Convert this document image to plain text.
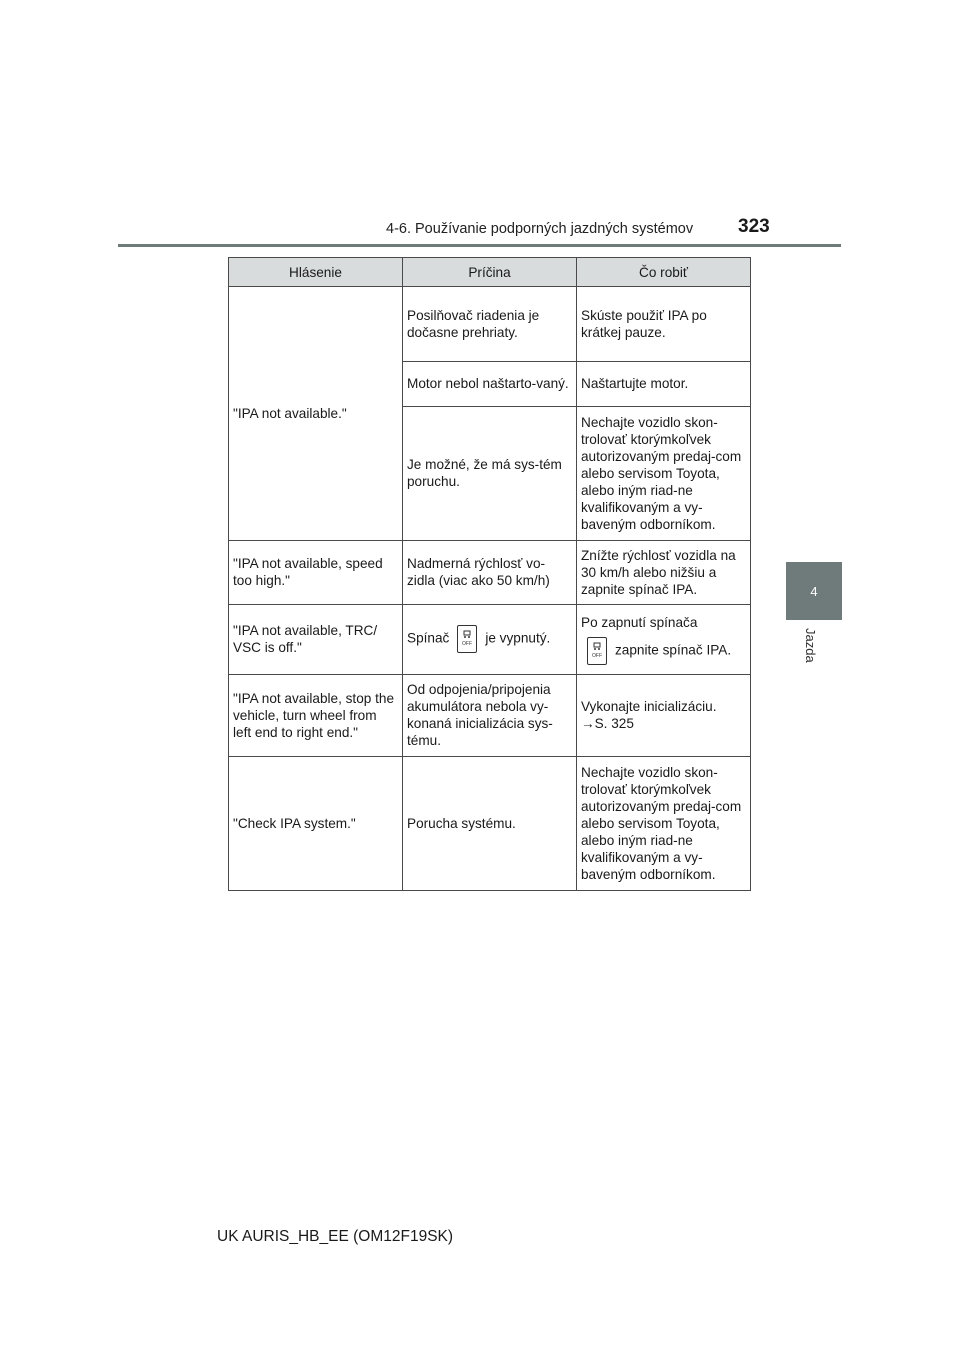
4-6. Používanie podporných jazdných systémov 323
4
Jazda
Hlásenie	Príčina	Čo robiť
"IPA not available."	Posilňovač riadenia je dočasne prehriaty.	Skúste použiť IPA po krátkej pauze.
	Motor nebol naštarto-vaný.	Naštartujte motor.
	Je možné, že má sys-tém poruchu.	Nechajte vozidlo skon-trolovať ktorýmkoľvek autorizovaným predaj-com alebo servisom Toyota, alebo iným riad-ne kvalifikovaným a vy-baveným odborníkom.
"IPA not available, speed too high."	Nadmerná rýchlosť vo-zidla (viac ako 50 km/h)	Znížte rýchlosť vozidla na 30 km/h alebo nižšiu a zapnite spínač IPA.
"IPA not available, TRC/ VSC is off."	Spínač OFF je vypnutý.	Po zapnutí spínača
OFF zapnite spínač IPA.

"IPA not available, stop the vehicle, turn wheel from left end to right end."	Od odpojenia/pripojenia akumulátora nebola vy-konaná inicializácia sys-tému.	Vykonajte inicializáciu.
→S. 325
"Check IPA system."	Porucha systému.	Nechajte vozidlo skon-trolovať ktorýmkoľvek autorizovaným predaj-com alebo servisom Toyota, alebo iným riad-ne kvalifikovaným a vy-baveným odborníkom.
UK AURIS_HB_EE (OM12F19SK)
